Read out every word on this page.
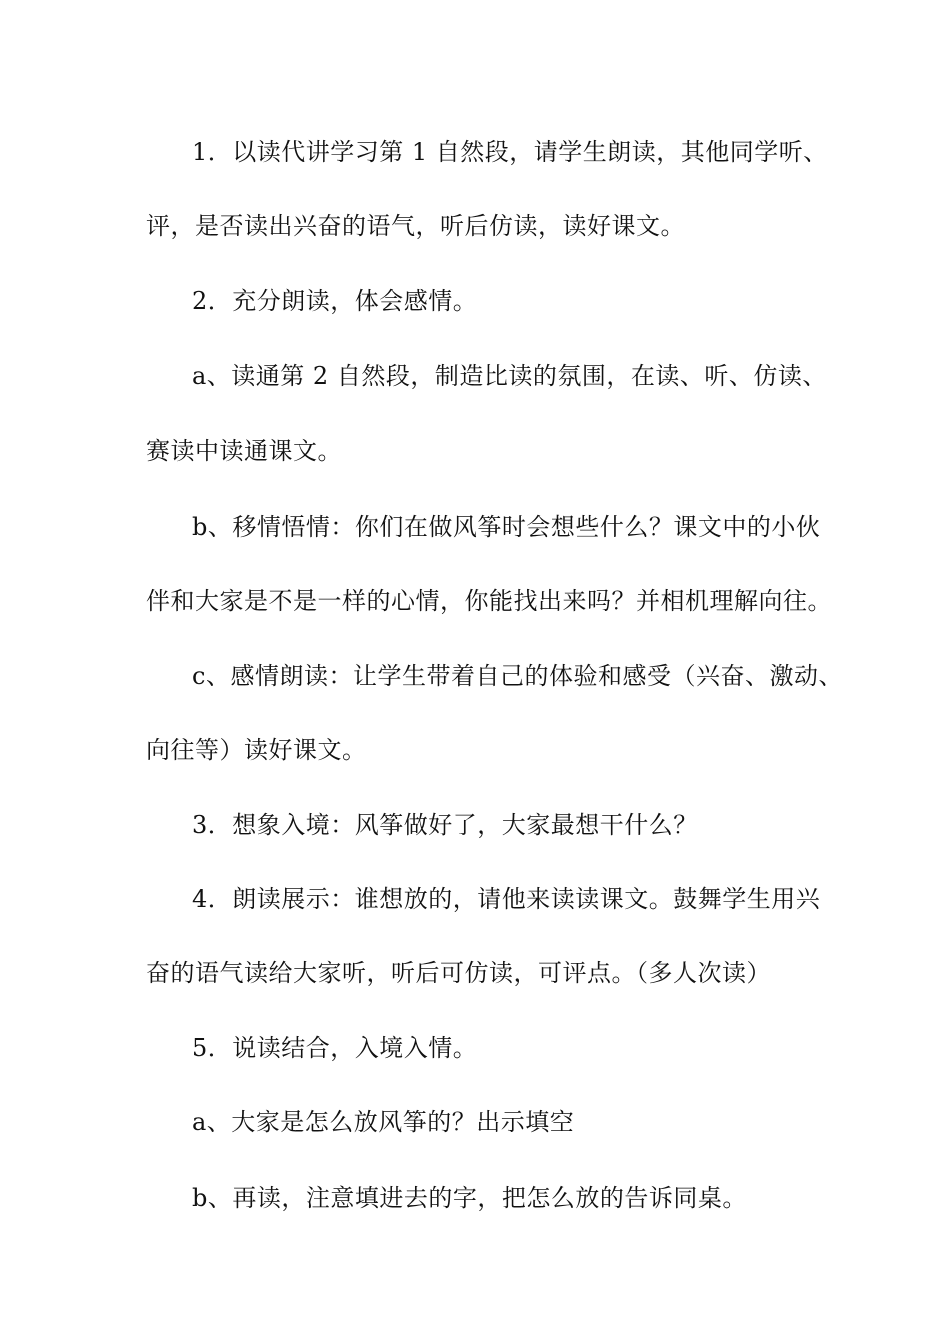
1．以读代讲学习第 1 自然段，请学生朗读，其他同学听、
评，是否读出兴奋的语气，听后仿读，读好课文。
2．充分朗读，体会感情。
a、读通第 2 自然段，制造比读的氛围，在读、听、仿读、
赛读中读通课文。
b、移情悟情：你们在做风筝时会想些什么？课文中的小伙
伴和大家是不是一样的心情，你能找出来吗？并相机理解向往。
c、感情朗读：让学生带着自己的体验和感受（兴奋、激动、
向往等）读好课文。
3．想象入境：风筝做好了，大家最想干什么？
4．朗读展示：谁想放的，请他来读读课文。鼓舞学生用兴
奋的语气读给大家听，听后可仿读，可评点。（多人次读）
5．说读结合，入境入情。
a、大家是怎么放风筝的？出示填空
b、再读，注意填进去的字，把怎么放的告诉同桌。
